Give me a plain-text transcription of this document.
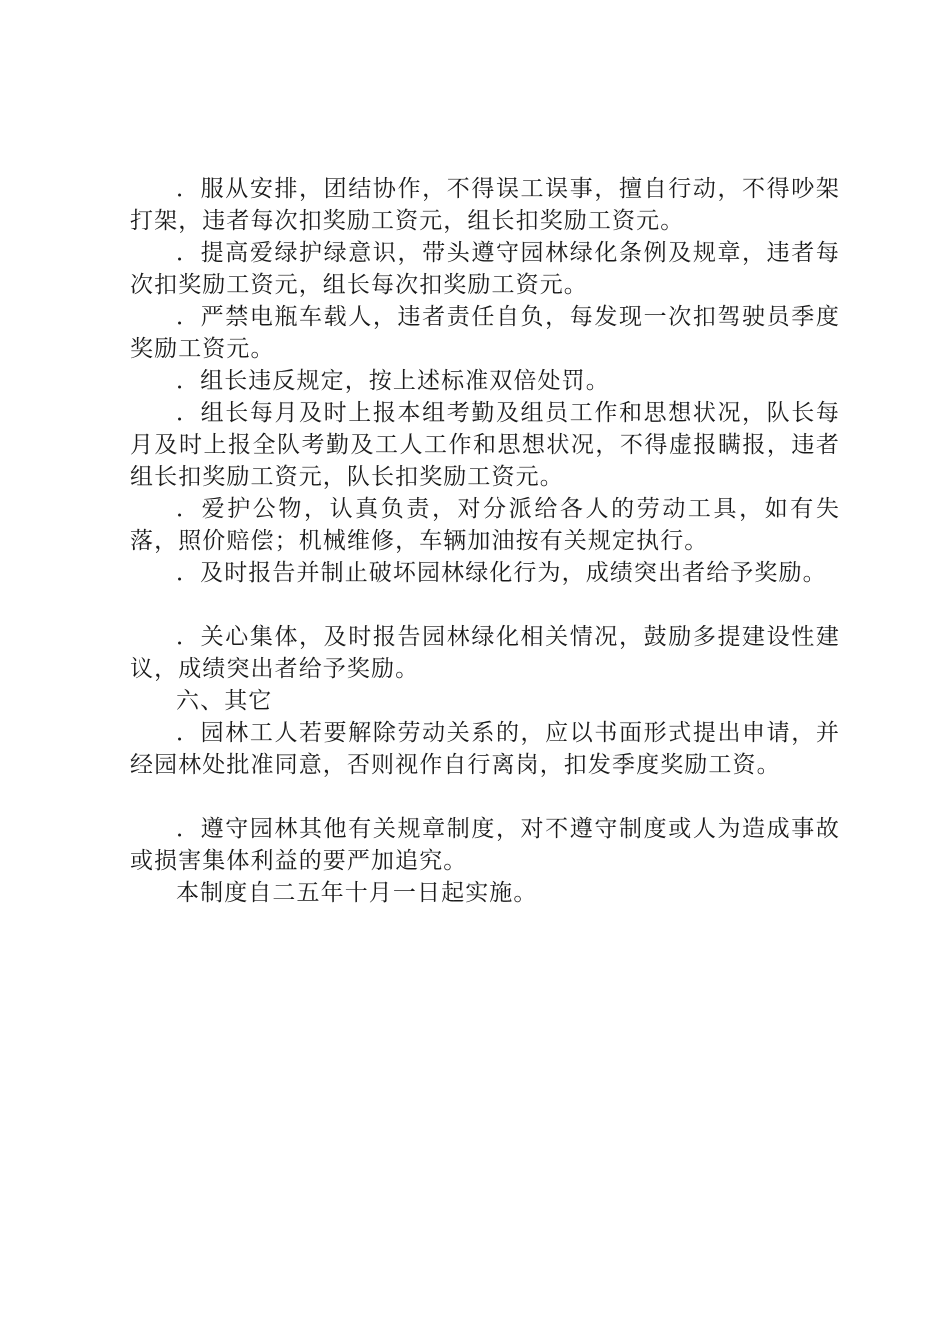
．服从安排，团结协作，不得误工误事，擅自行动，不得吵架打架，违者每次扣奖励工资元，组长扣奖励工资元。

．提高爱绿护绿意识，带头遵守园林绿化条例及规章，违者每次扣奖励工资元，组长每次扣奖励工资元。

．严禁电瓶车载人，违者责任自负，每发现一次扣驾驶员季度奖励工资元。

．组长违反规定，按上述标准双倍处罚。

．组长每月及时上报本组考勤及组员工作和思想状况，队长每月及时上报全队考勤及工人工作和思想状况，不得虚报瞒报，违者组长扣奖励工资元，队长扣奖励工资元。

．爱护公物，认真负责，对分派给各人的劳动工具，如有失落，照价赔偿；机械维修，车辆加油按有关规定执行。

．及时报告并制止破坏园林绿化行为，成绩突出者给予奖励。

．关心集体，及时报告园林绿化相关情况，鼓励多提建设性建议，成绩突出者给予奖励。

六、其它

．园林工人若要解除劳动关系的，应以书面形式提出申请，并经园林处批准同意，否则视作自行离岗，扣发季度奖励工资。

．遵守园林其他有关规章制度，对不遵守制度或人为造成事故或损害集体利益的要严加追究。

本制度自二五年十月一日起实施。
